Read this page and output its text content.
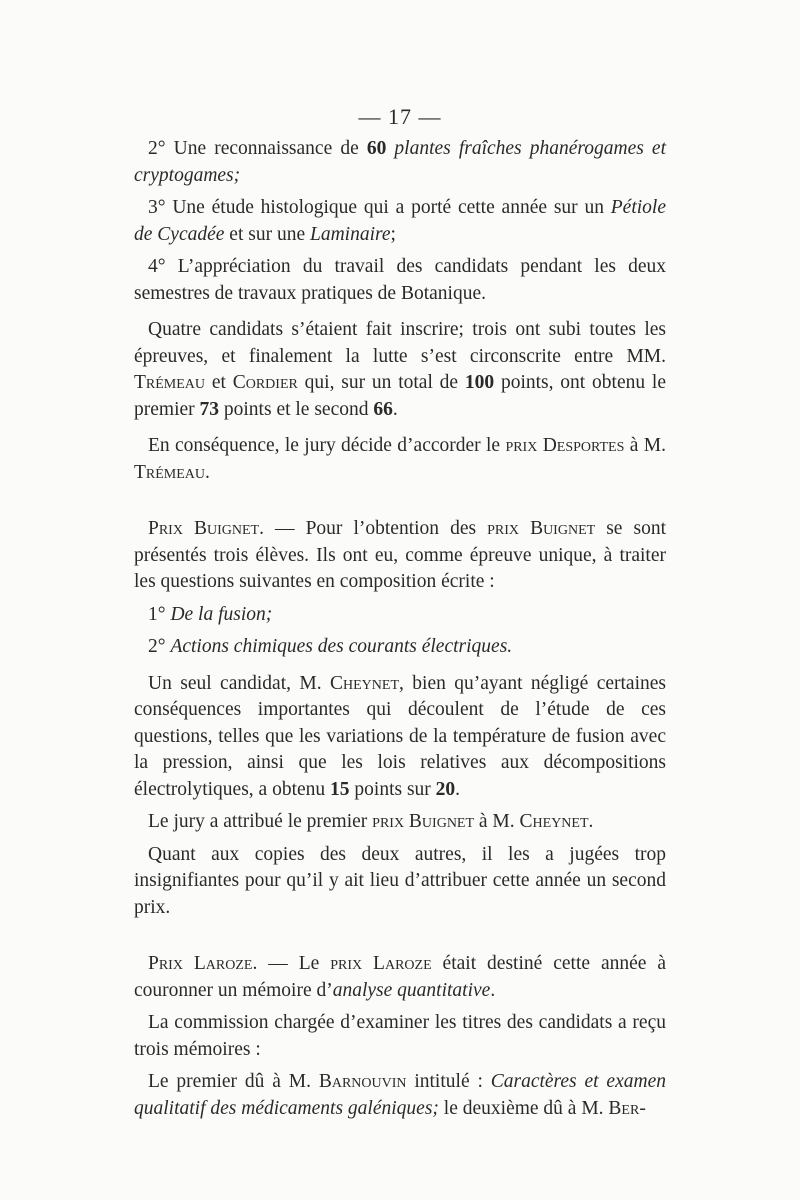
— 17 —

2° Une reconnaissance de 60 plantes fraîches phanérogames et cryptogames;

3° Une étude histologique qui a porté cette année sur un Pétiole de Cycadée et sur une Laminaire;

4° L’appréciation du travail des candidats pendant les deux semestres de travaux pratiques de Botanique.

Quatre candidats s’étaient fait inscrire; trois ont subi toutes les épreuves, et finalement la lutte s’est circonscrite entre MM. Trémeau et Cordier qui, sur un total de 100 points, ont obtenu le premier 73 points et le second 66.

En conséquence, le jury décide d’accorder le prix Desportes à M. Trémeau.

Prix Buignet. — Pour l’obtention des prix Buignet se sont présentés trois élèves. Ils ont eu, comme épreuve unique, à traiter les questions suivantes en composition écrite :

1° De la fusion;

2° Actions chimiques des courants électriques.

Un seul candidat, M. Cheynet, bien qu’ayant négligé certaines conséquences importantes qui découlent de l’étude de ces questions, telles que les variations de la température de fusion avec la pression, ainsi que les lois relatives aux décompositions électrolytiques, a obtenu 15 points sur 20.

Le jury a attribué le premier prix Buignet à M. Cheynet.

Quant aux copies des deux autres, il les a jugées trop insignifiantes pour qu’il y ait lieu d’attribuer cette année un second prix.

Prix Laroze. — Le prix Laroze était destiné cette année à couronner un mémoire d’analyse quantitative.

La commission chargée d’examiner les titres des candidats a reçu trois mémoires :

Le premier dû à M. Barnouvin intitulé : Caractères et examen qualitatif des médicaments galéniques; le deuxième dû à M. Ber-
